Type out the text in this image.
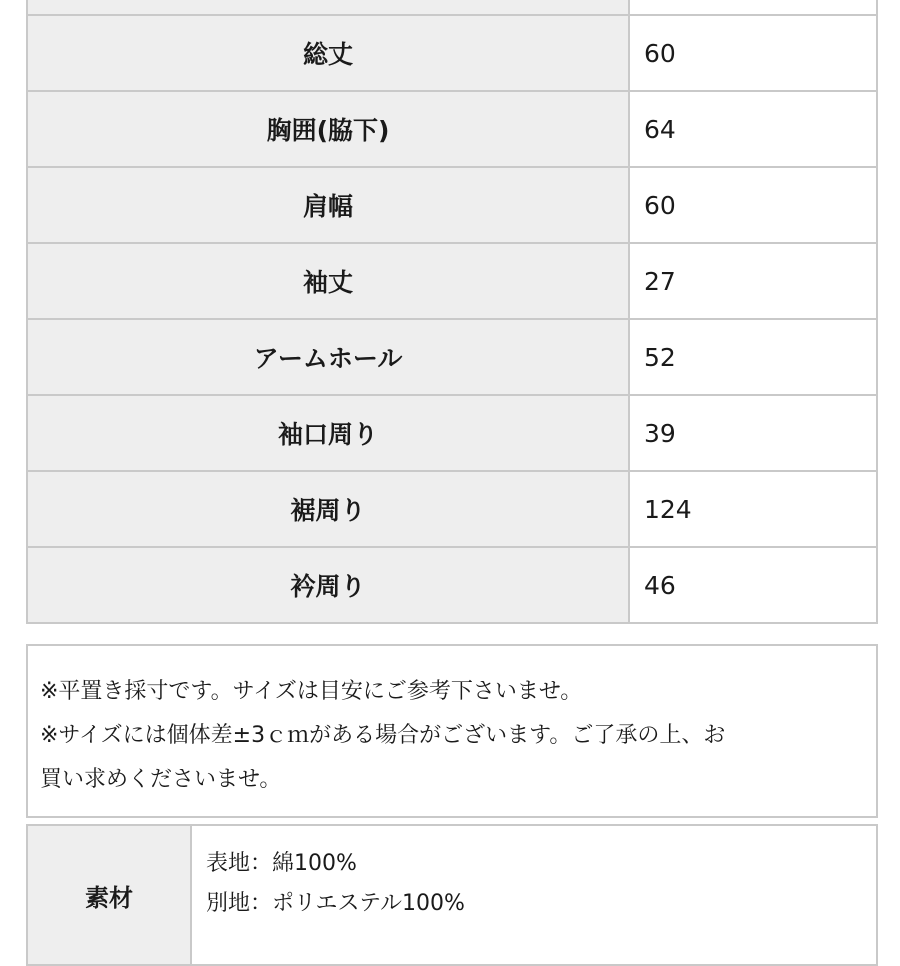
総丈	60
胸囲(脇下)	64
肩幅	60
袖丈	27
アームホール	52
袖口周り	39
裾周り	124
衿周り	46

※平置き採寸です。サイズは目安にご参考下さいませ。

※サイズには個体差±3ｃｍがある場合がございます。ご了承の上、お

買い求めくださいませ。

素材	
表地：綿100%
別地：ポリエステル100%
